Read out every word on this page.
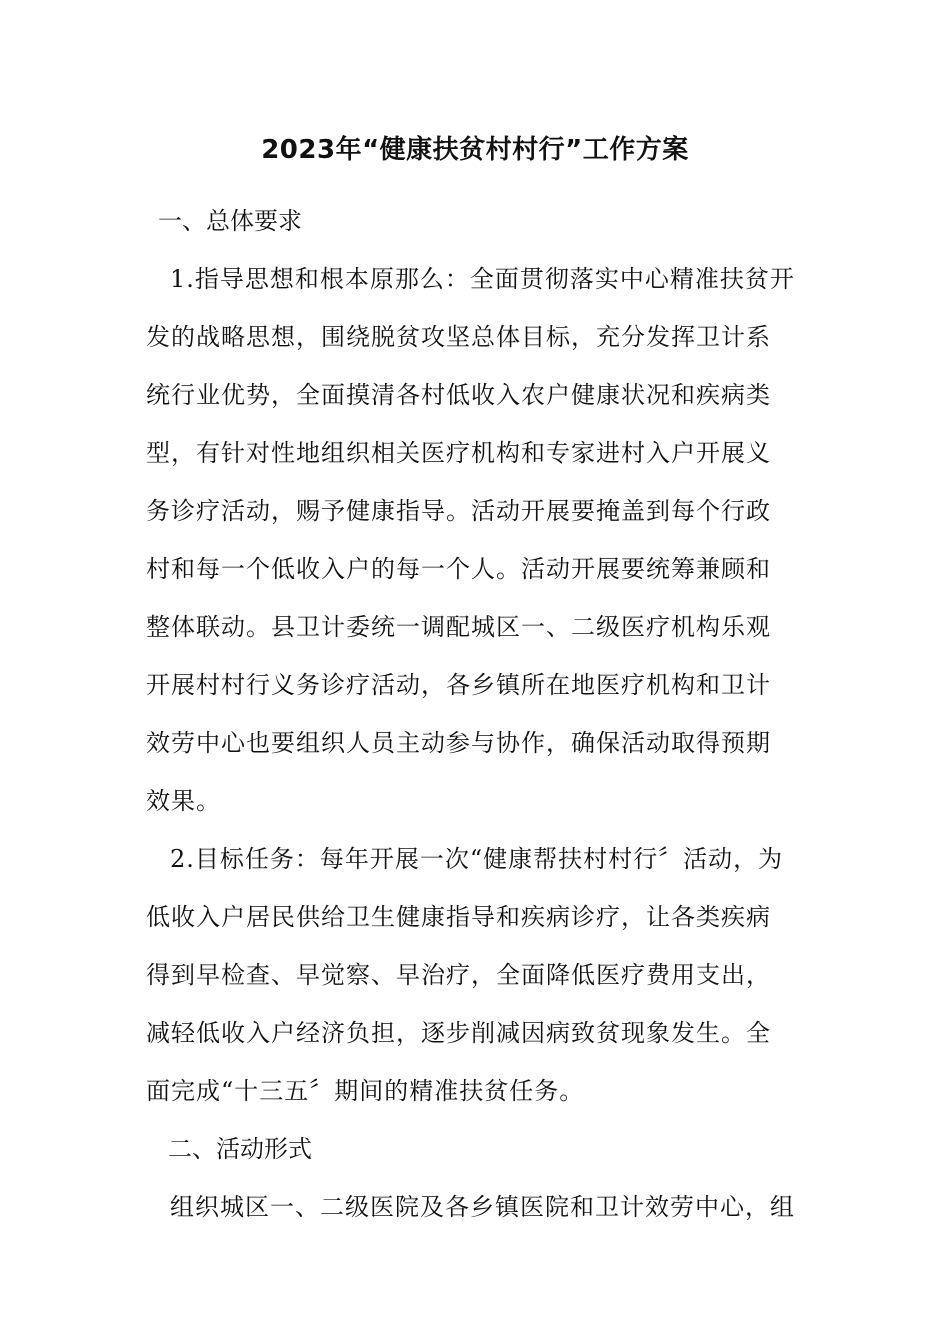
2023年“健康扶贫村村行”工作方案

一、总体要求

1.指导思想和根本原那么：全面贯彻落实中心精准扶贫开
发的战略思想，围绕脱贫攻坚总体目标，充分发挥卫计系
统行业优势，全面摸清各村低收入农户健康状况和疾病类
型，有针对性地组织相关医疗机构和专家进村入户开展义
务诊疗活动，赐予健康指导。活动开展要掩盖到每个行政
村和每一个低收入户的每一个人。活动开展要统筹兼顾和
整体联动。县卫计委统一调配城区一、二级医疗机构乐观
开展村村行义务诊疗活动，各乡镇所在地医疗机构和卫计
效劳中心也要组织人员主动参与协作，确保活动取得预期
效果。
2.目标任务：每年开展一次“健康帮扶村村行〞活动，为
低收入户居民供给卫生健康指导和疾病诊疗，让各类疾病
得到早检查、早觉察、早治疗，全面降低医疗费用支出，
减轻低收入户经济负担，逐步削减因病致贫现象发生。全
面完成“十三五〞期间的精准扶贫任务。

二、活动形式

组织城区一、二级医院及各乡镇医院和卫计效劳中心，组
